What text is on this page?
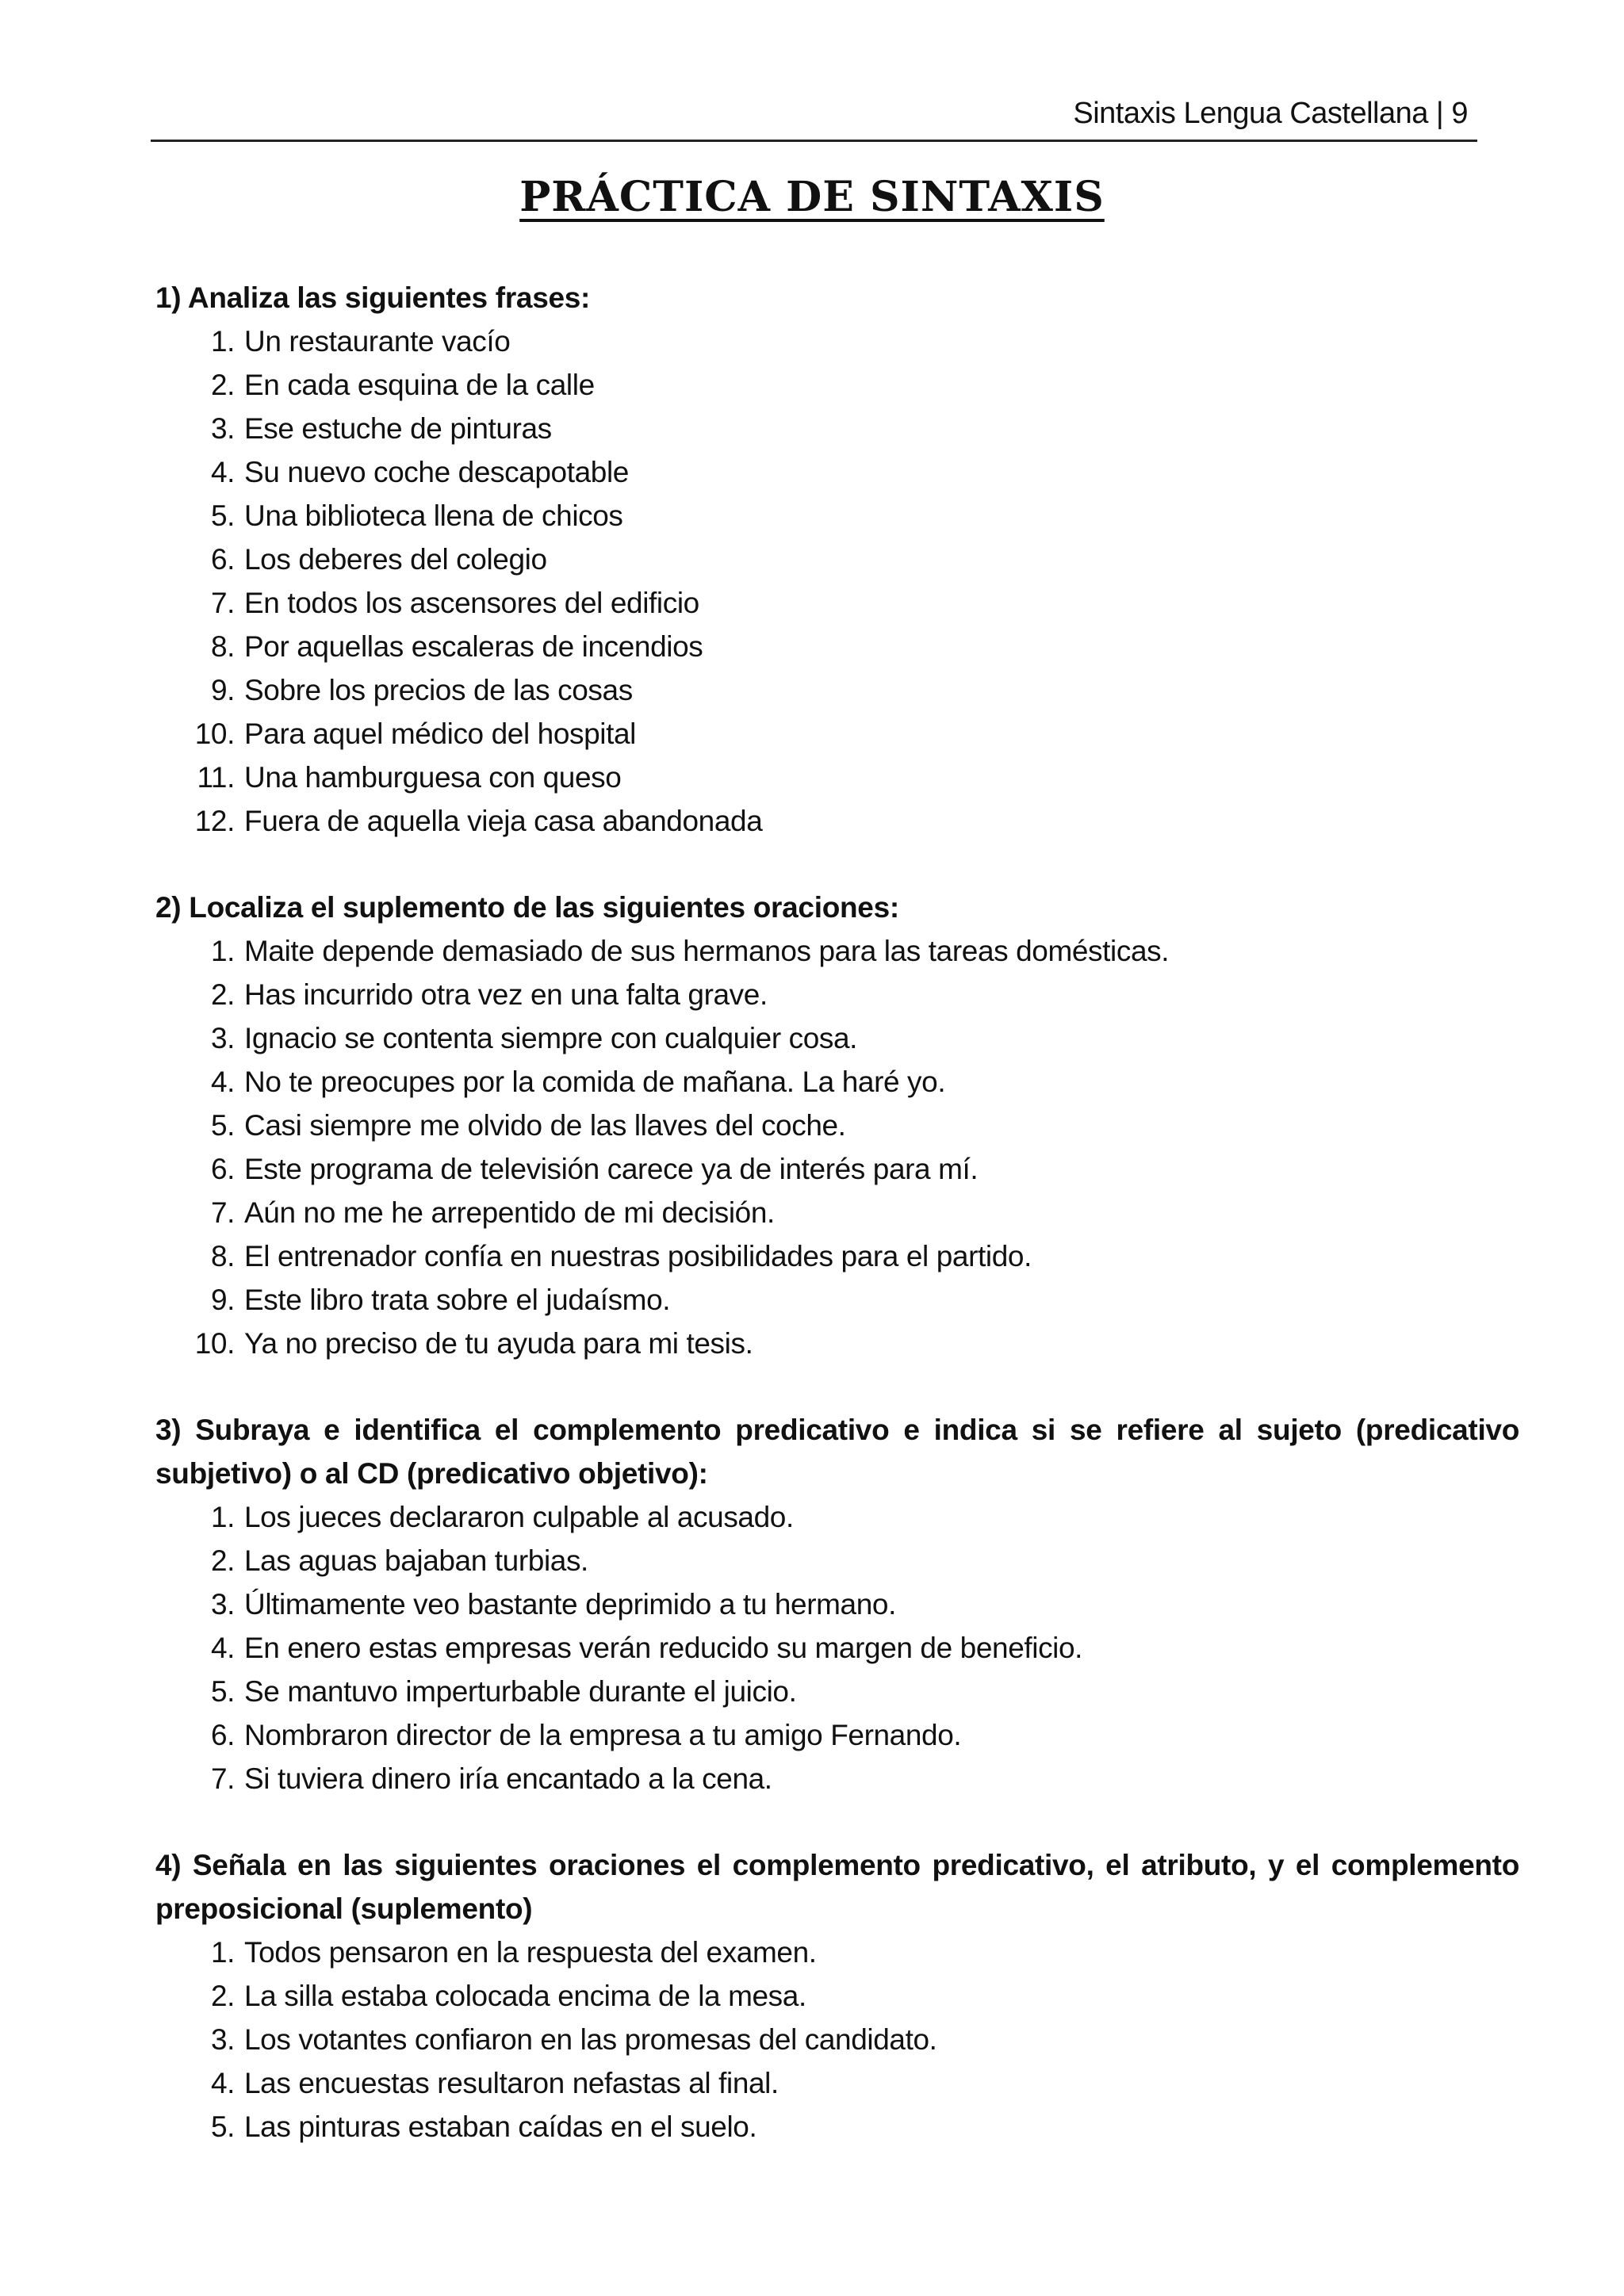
Sintaxis Lengua Castellana | 9
PRÁCTICA DE SINTAXIS

1) Analiza las siguientes frases:

1. Un restaurante vacío
2. En cada esquina de la calle
3. Ese estuche de pinturas
4. Su nuevo coche descapotable
5. Una biblioteca llena de chicos
6. Los deberes del colegio
7. En todos los ascensores del edificio
8. Por aquellas escaleras de incendios
9. Sobre los precios de las cosas
10. Para aquel médico del hospital
11. Una hamburguesa con queso
12. Fuera de aquella vieja casa abandonada

2) Localiza el suplemento de las siguientes oraciones:

1. Maite depende demasiado de sus hermanos para las tareas domésticas.
2. Has incurrido otra vez en una falta grave.
3. Ignacio se contenta siempre con cualquier cosa.
4. No te preocupes por la comida de mañana. La haré yo.
5. Casi siempre me olvido de las llaves del coche.
6. Este programa de televisión carece ya de interés para mí.
7. Aún no me he arrepentido de mi decisión.
8. El entrenador confía en nuestras posibilidades para el partido.
9. Este libro trata sobre el judaísmo.
10. Ya no preciso de tu ayuda para mi tesis.

3) Subraya e identifica el complemento predicativo e indica si se refiere al sujeto (predicativo subjetivo) o al CD (predicativo objetivo):

1. Los jueces declararon culpable al acusado.
2. Las aguas bajaban turbias.
3. Últimamente veo bastante deprimido a tu hermano.
4. En enero estas empresas verán reducido su margen de beneficio.
5. Se mantuvo imperturbable durante el juicio.
6. Nombraron director de la empresa a tu amigo Fernando.
7. Si tuviera dinero iría encantado a la cena.

4) Señala en las siguientes oraciones el complemento predicativo, el atributo, y el complemento preposicional (suplemento)

1. Todos pensaron en la respuesta del examen.
2. La silla estaba colocada encima de la mesa.
3. Los votantes confiaron en las promesas del candidato.
4. Las encuestas resultaron nefastas al final.
5. Las pinturas estaban caídas en el suelo.
